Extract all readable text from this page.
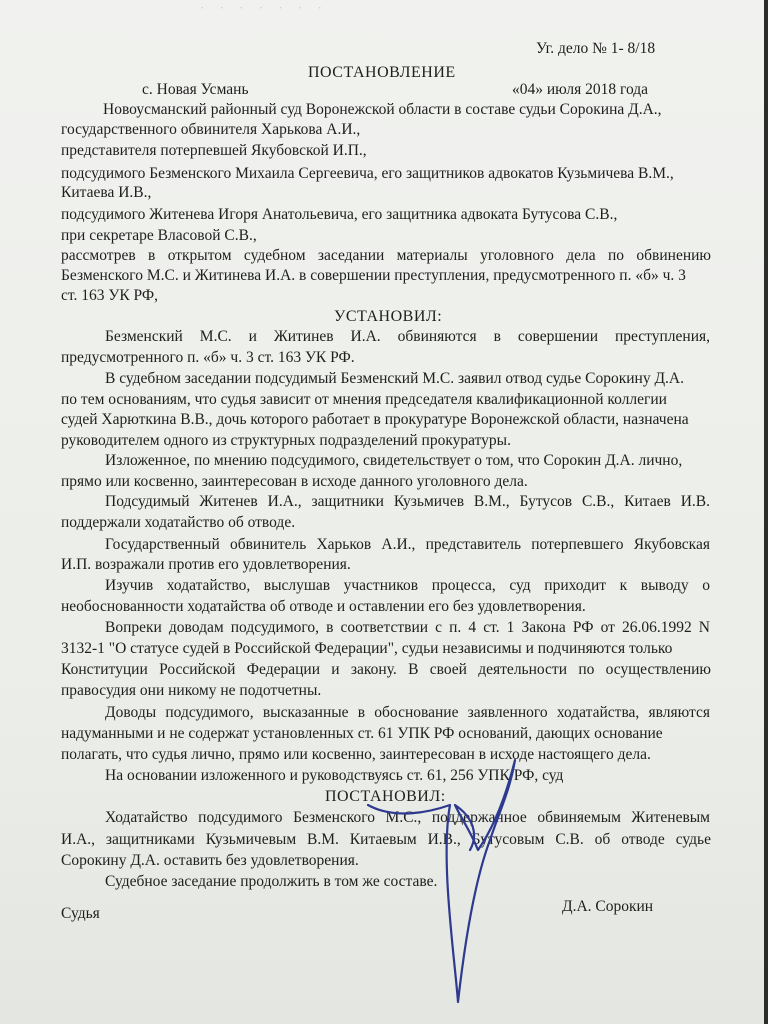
· · · · · · ·
Уг. дело № 1- 8/18
ПОСТАНОВЛЕНИЕ
с. Новая Усмань	«04» июля 2018 года
Новоусманский районный суд Воронежской области в составе судьи Сорокина Д.А.,
государственного обвинителя Харькова А.И.,
представителя потерпевшей Якубовской И.П.,
подсудимого Безменского Михаила Сергеевича, его защитников адвокатов Кузьмичева В.М.,
Китаева И.В.,
подсудимого Житенева Игоря Анатольевича, его защитника адвоката Бутусова С.В.,
при секретаре Власовой С.В.,
рассмотрев в открытом судебном заседании материалы уголовного дела по обвинению
Безменского М.С. и Житинева И.А. в совершении преступления, предусмотренного п. «б» ч. 3
ст. 163 УК РФ,
УСТАНОВИЛ:
Безменский М.С. и Житинев И.А. обвиняются в совершении преступления,
предусмотренного п. «б» ч. 3 ст. 163 УК РФ.
В судебном заседании подсудимый Безменский М.С. заявил отвод судье Сорокину Д.А.
по тем основаниям, что судья зависит от мнения председателя квалификационной коллегии
судей Харюткина В.В., дочь которого работает в прокуратуре Воронежской области, назначена
руководителем одного из структурных подразделений прокуратуры.
Изложенное, по мнению подсудимого, свидетельствует о том, что Сорокин Д.А. лично,
прямо или косвенно, заинтересован в исходе данного уголовного дела.
Подсудимый Житенев И.А., защитники Кузьмичев В.М., Бутусов С.В., Китаев И.В.
поддержали ходатайство об отводе.
Государственный обвинитель Харьков А.И., представитель потерпевшего Якубовская
И.П. возражали против его удовлетворения.
Изучив ходатайство, выслушав участников процесса, суд приходит к выводу о
необоснованности ходатайства об отводе и оставлении его без удовлетворения.
Вопреки доводам подсудимого, в соответствии с п. 4 ст. 1 Закона РФ от 26.06.1992 N
3132-1 "О статусе судей в Российской Федерации", судьи независимы и подчиняются только
Конституции Российской Федерации и закону. В своей деятельности по осуществлению
правосудия они никому не подотчетны.
Доводы подсудимого, высказанные в обоснование заявленного ходатайства, являются
надуманными и не содержат установленных ст. 61 УПК РФ оснований, дающих основание
полагать, что судья лично, прямо или косвенно, заинтересован в исходе настоящего дела.
На основании изложенного и руководствуясь ст. 61, 256 УПК РФ, суд
ПОСТАНОВИЛ:
Ходатайство подсудимого Безменского М.С., поддержанное обвиняемым Житеневым
И.А., защитниками Кузьмичевым В.М. Китаевым И.В., Бутусовым С.В. об отводе судье
Сорокину Д.А. оставить без удовлетворения.
Судебное заседание продолжить в том же составе.
Судья	Д.А. Сорокин
